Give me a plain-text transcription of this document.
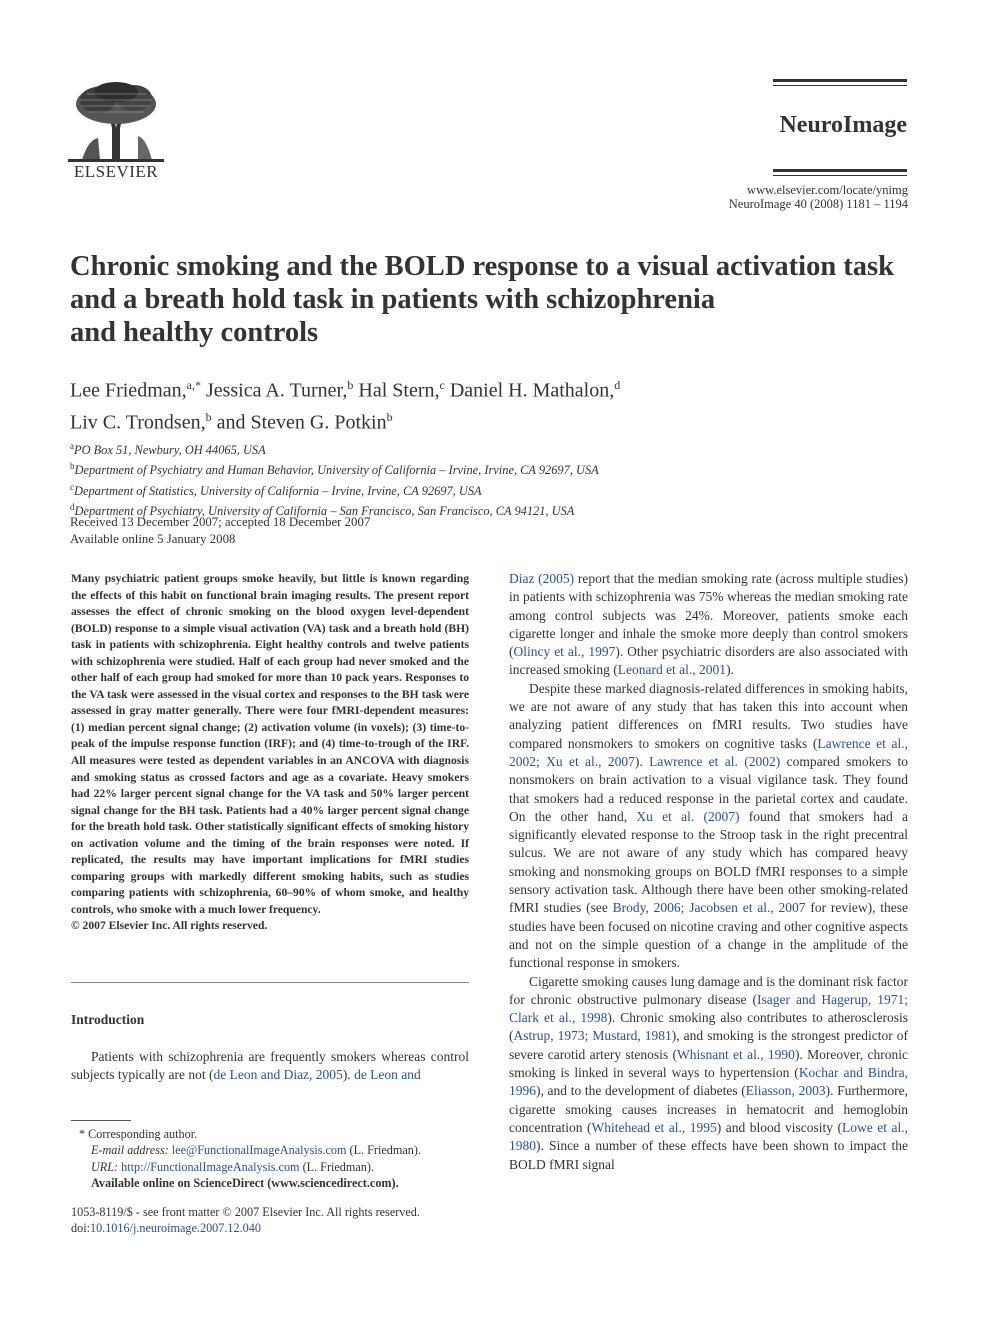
ELSEVIER
NeuroImage
www.elsevier.com/locate/ynimg
NeuroImage 40 (2008) 1181 – 1194
Chronic smoking and the BOLD response to a visual activation task
and a breath hold task in patients with schizophrenia
and healthy controls
Lee Friedman,$^{a,*}$ Jessica A. Turner,$^b$ Hal Stern,$^c$ Daniel H. Mathalon,$^d$
Liv C. Trondsen,$^b$ and Steven G. Potkin$^b$
$^a$PO Box 51, Newbury, OH 44065, USA
$^b$Department of Psychiatry and Human Behavior, University of California – Irvine, Irvine, CA 92697, USA
$^c$Department of Statistics, University of California – Irvine, Irvine, CA 92697, USA
$^d$Department of Psychiatry, University of California – San Francisco, San Francisco, CA 94121, USA
Received 13 December 2007; accepted 18 December 2007
Available online 5 January 2008
Many psychiatric patient groups smoke heavily, but little is known regarding the effects of this habit on functional brain imaging results. The present report assesses the effect of chronic smoking on the blood oxygen level-dependent (BOLD) response to a simple visual activation (VA) task and a breath hold (BH) task in patients with schizophrenia. Eight healthy controls and twelve patients with schizophrenia were studied. Half of each group had never smoked and the other half of each group had smoked for more than 10 pack years. Responses to the VA task were assessed in the visual cortex and responses to the BH task were assessed in gray matter generally. There were four fMRI-dependent measures: (1) median percent signal change; (2) activation volume (in voxels); (3) time-to-peak of the impulse response function (IRF); and (4) time-to-trough of the IRF. All measures were tested as dependent variables in an ANCOVA with diagnosis and smoking status as crossed factors and age as a covariate. Heavy smokers had 22% larger percent signal change for the VA task and 50% larger percent signal change for the BH task. Patients had a 40% larger percent signal change for the breath hold task. Other statistically significant effects of smoking history on activation volume and the timing of the brain responses were noted. If replicated, the results may have important implications for fMRI studies comparing groups with markedly different smoking habits, such as studies comparing patients with schizophrenia, 60–90% of whom smoke, and healthy controls, who smoke with a much lower frequency.
© 2007 Elsevier Inc. All rights reserved.
Introduction
Patients with schizophrenia are frequently smokers whereas control subjects typically are not (de Leon and Diaz, 2005). de Leon and

Diaz (2005) report that the median smoking rate (across multiple studies) in patients with schizophrenia was 75% whereas the median smoking rate among control subjects was 24%. Moreover, patients smoke each cigarette longer and inhale the smoke more deeply than control smokers (Olincy et al., 1997). Other psychiatric disorders are also associated with increased smoking (Leonard et al., 2001).

Despite these marked diagnosis-related differences in smoking habits, we are not aware of any study that has taken this into account when analyzing patient differences on fMRI results. Two studies have compared nonsmokers to smokers on cognitive tasks (Lawrence et al., 2002; Xu et al., 2007). Lawrence et al. (2002) compared smokers to nonsmokers on brain activation to a visual vigilance task. They found that smokers had a reduced response in the parietal cortex and caudate. On the other hand, Xu et al. (2007) found that smokers had a significantly elevated response to the Stroop task in the right precentral sulcus. We are not aware of any study which has compared heavy smoking and nonsmoking groups on BOLD fMRI responses to a simple sensory activation task. Although there have been other smoking-related fMRI studies (see Brody, 2006; Jacobsen et al., 2007 for review), these studies have been focused on nicotine craving and other cognitive aspects and not on the simple question of a change in the amplitude of the functional response in smokers.

Cigarette smoking causes lung damage and is the dominant risk factor for chronic obstructive pulmonary disease (Isager and Hagerup, 1971; Clark et al., 1998). Chronic smoking also contributes to atherosclerosis (Astrup, 1973; Mustard, 1981), and smoking is the strongest predictor of severe carotid artery stenosis (Whisnant et al., 1990). Moreover, chronic smoking is linked in several ways to hypertension (Kochar and Bindra, 1996), and to the development of diabetes (Eliasson, 2003). Furthermore, cigarette smoking causes increases in hematocrit and hemoglobin concentration (Whitehead et al., 1995) and blood viscosity (Lowe et al., 1980). Since a number of these effects have been shown to impact the BOLD fMRI signal

* Corresponding author.
E-mail address: lee@FunctionalImageAnalysis.com (L. Friedman).
URL: http://FunctionalImageAnalysis.com (L. Friedman).
Available online on ScienceDirect (www.sciencedirect.com).
1053-8119/$ - see front matter © 2007 Elsevier Inc. All rights reserved.
doi:10.1016/j.neuroimage.2007.12.040
